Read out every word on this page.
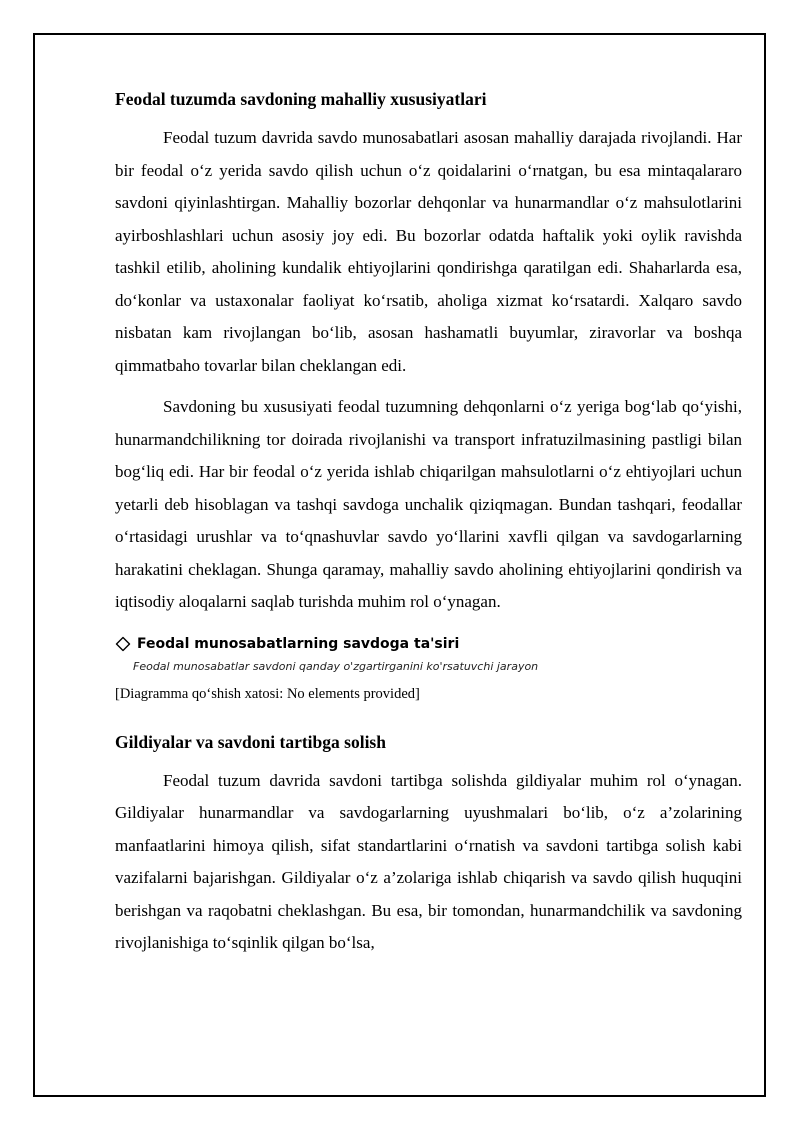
Feodal tuzumda savdoning mahalliy xususiyatlari

Feodal tuzum davrida savdo munosabatlari asosan mahalliy darajada rivojlandi. Har bir feodal o‘z yerida savdo qilish uchun o‘z qoidalarini o‘rnatgan, bu esa mintaqalararo savdoni qiyinlashtirgan. Mahalliy bozorlar dehqonlar va hunarmandlar o‘z mahsulotlarini ayirboshlashlari uchun asosiy joy edi. Bu bozorlar odatda haftalik yoki oylik ravishda tashkil etilib, aholining kundalik ehtiyojlarini qondirishga qaratilgan edi. Shaharlarda esa, do‘konlar va ustaxonalar faoliyat ko‘rsatib, aholiga xizmat ko‘rsatardi. Xalqaro savdo nisbatan kam rivojlangan bo‘lib, asosan hashamatli buyumlar, ziravorlar va boshqa qimmatbaho tovarlar bilan cheklangan edi.

Savdoning bu xususiyati feodal tuzumning dehqonlarni o‘z yeriga bog‘lab qo‘yishi, hunarmandchilikning tor doirada rivojlanishi va transport infratuzilmasining pastligi bilan bog‘liq edi. Har bir feodal o‘z yerida ishlab chiqarilgan mahsulotlarni o‘z ehtiyojlari uchun yetarli deb hisoblagan va tashqi savdoga unchalik qiziqmagan. Bundan tashqari, feodallar o‘rtasidagi urushlar va to‘qnashuvlar savdo yo‘llarini xavfli qilgan va savdogarlarning harakatini cheklagan. Shunga qaramay, mahalliy savdo aholining ehtiyojlarini qondirish va iqtisodiy aloqalarni saqlab turishda muhim rol o‘ynagan.

Feodal munosabatlarning savdoga ta'siri
Feodal munosabatlar savdoni qanday o'zgartirganini ko'rsatuvchi jarayon
[Diagramma qo‘shish xatosi: No elements provided]
Gildiyalar va savdoni tartibga solish

Feodal tuzum davrida savdoni tartibga solishda gildiyalar muhim rol o‘ynagan. Gildiyalar hunarmandlar va savdogarlarning uyushmalari bo‘lib, o‘z a’zolarining manfaatlarini himoya qilish, sifat standartlarini o‘rnatish va savdoni tartibga solish kabi vazifalarni bajarishgan. Gildiyalar o‘z a’zolariga ishlab chiqarish va savdo qilish huquqini berishgan va raqobatni cheklashgan. Bu esa, bir tomondan, hunarmandchilik va savdoning rivojlanishiga to‘sqinlik qilgan bo‘lsa,
